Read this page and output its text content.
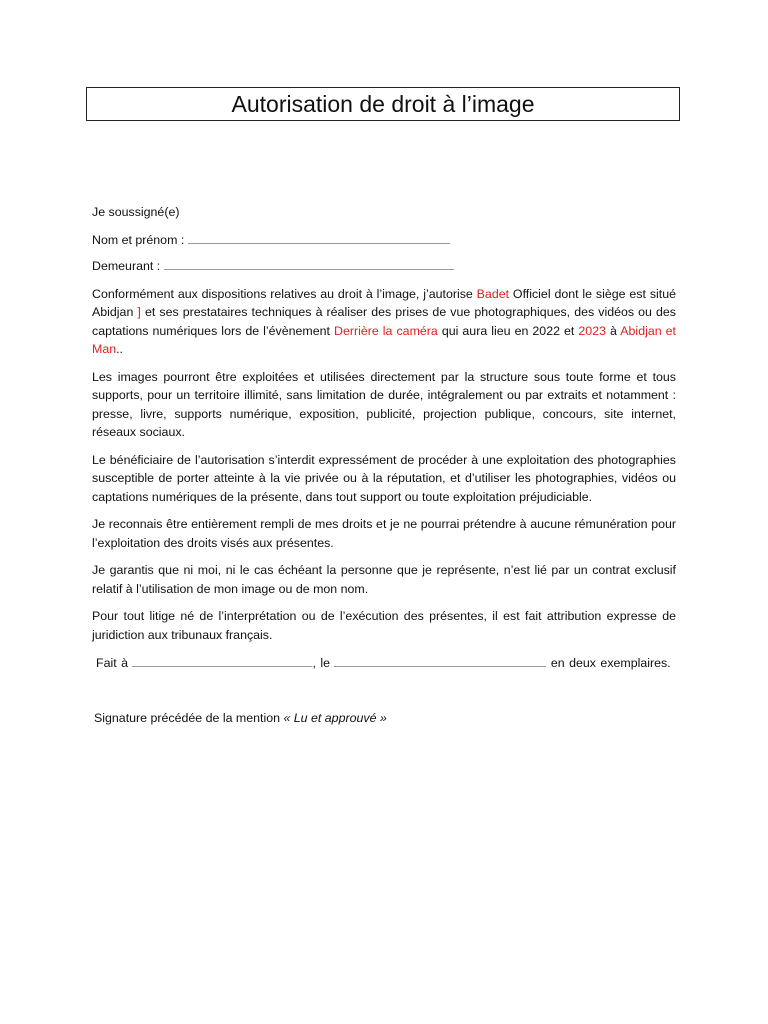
Autorisation de droit à l’image

Je soussigné(e)

Nom et prénom :

Demeurant :

Conformément aux dispositions relatives au droit à l’image, j’autorise Badet Officiel dont le siège est situé Abidjan ] et ses prestataires techniques à réaliser des prises de vue photographiques, des vidéos ou des captations numériques lors de l’évènement Derrière la caméra qui aura lieu en 2022 et 2023 à Abidjan et Man..

Les images pourront être exploitées et utilisées directement par la structure sous toute forme et tous supports, pour un territoire illimité, sans limitation de durée, intégralement ou par extraits et notamment : presse, livre, supports numérique, exposition, publicité, projection publique, concours, site internet, réseaux sociaux.

Le bénéficiaire de l’autorisation s’interdit expressément de procéder à une exploitation des photographies susceptible de porter atteinte à la vie privée ou à la réputation, et d’utiliser les photographies, vidéos ou captations numériques de la présente, dans tout support ou toute exploitation préjudiciable.

Je reconnais être entièrement rempli de mes droits et je ne pourrai prétendre à aucune rémunération pour l’exploitation des droits visés aux présentes.

Je garantis que ni moi, ni le cas échéant la personne que je représente, n’est lié par un contrat exclusif relatif à l’utilisation de mon image ou de mon nom.

Pour tout litige né de l’interprétation ou de l’exécution des présentes, il est fait attribution expresse de juridiction aux tribunaux français.

Fait à	, le	en deux exemplaires.

Signature précédée de la mention « Lu et approuvé »
